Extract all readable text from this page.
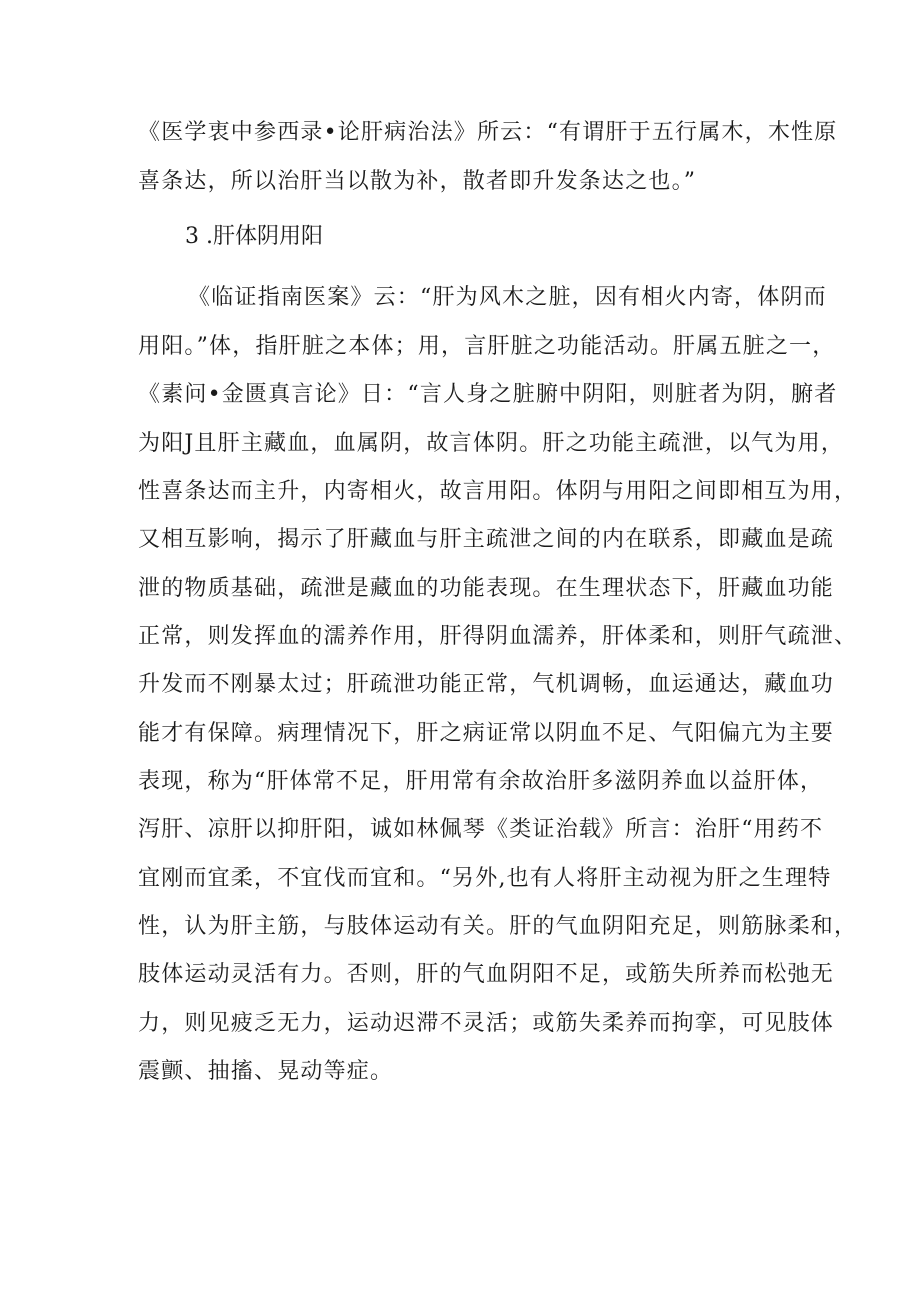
《医学衷中参西录•论肝病治法》所云：“有谓肝于五行属木，木性原
喜条达，所以治肝当以散为补，散者即升发条达之也。”
3 .肝体阴用阳
《临证指南医案》云：“肝为风木之脏，因有相火内寄，体阴而
用阳。”体，指肝脏之本体；用，言肝脏之功能活动。肝属五脏之一，
《素问•金匮真言论》日：“言人身之脏腑中阴阳，则脏者为阴，腑者
为阳J且肝主藏血，血属阴，故言体阴。肝之功能主疏泄，以气为用，
性喜条达而主升，内寄相火，故言用阳。体阴与用阳之间即相互为用，
又相互影响，揭示了肝藏血与肝主疏泄之间的内在联系，即藏血是疏
泄的物质基础，疏泄是藏血的功能表现。在生理状态下，肝藏血功能
正常，则发挥血的濡养作用，肝得阴血濡养，肝体柔和，则肝气疏泄、
升发而不刚暴太过；肝疏泄功能正常，气机调畅，血运通达，藏血功
能才有保障。病理情况下，肝之病证常以阴血不足、气阳偏亢为主要
表现，称为“肝体常不足，肝用常有余故治肝多滋阴养血以益肝体，
泻肝、凉肝以抑肝阳，诚如林佩琴《类证治载》所言：治肝“用药不
宜刚而宜柔，不宜伐而宜和。“另外,也有人将肝主动视为肝之生理特
性，认为肝主筋，与肢体运动有关。肝的气血阴阳充足，则筋脉柔和，
肢体运动灵活有力。否则，肝的气血阴阳不足，或筋失所养而松弛无
力，则见疲乏无力，运动迟滞不灵活；或筋失柔养而拘挛，可见肢体
震颤、抽搐、晃动等症。
